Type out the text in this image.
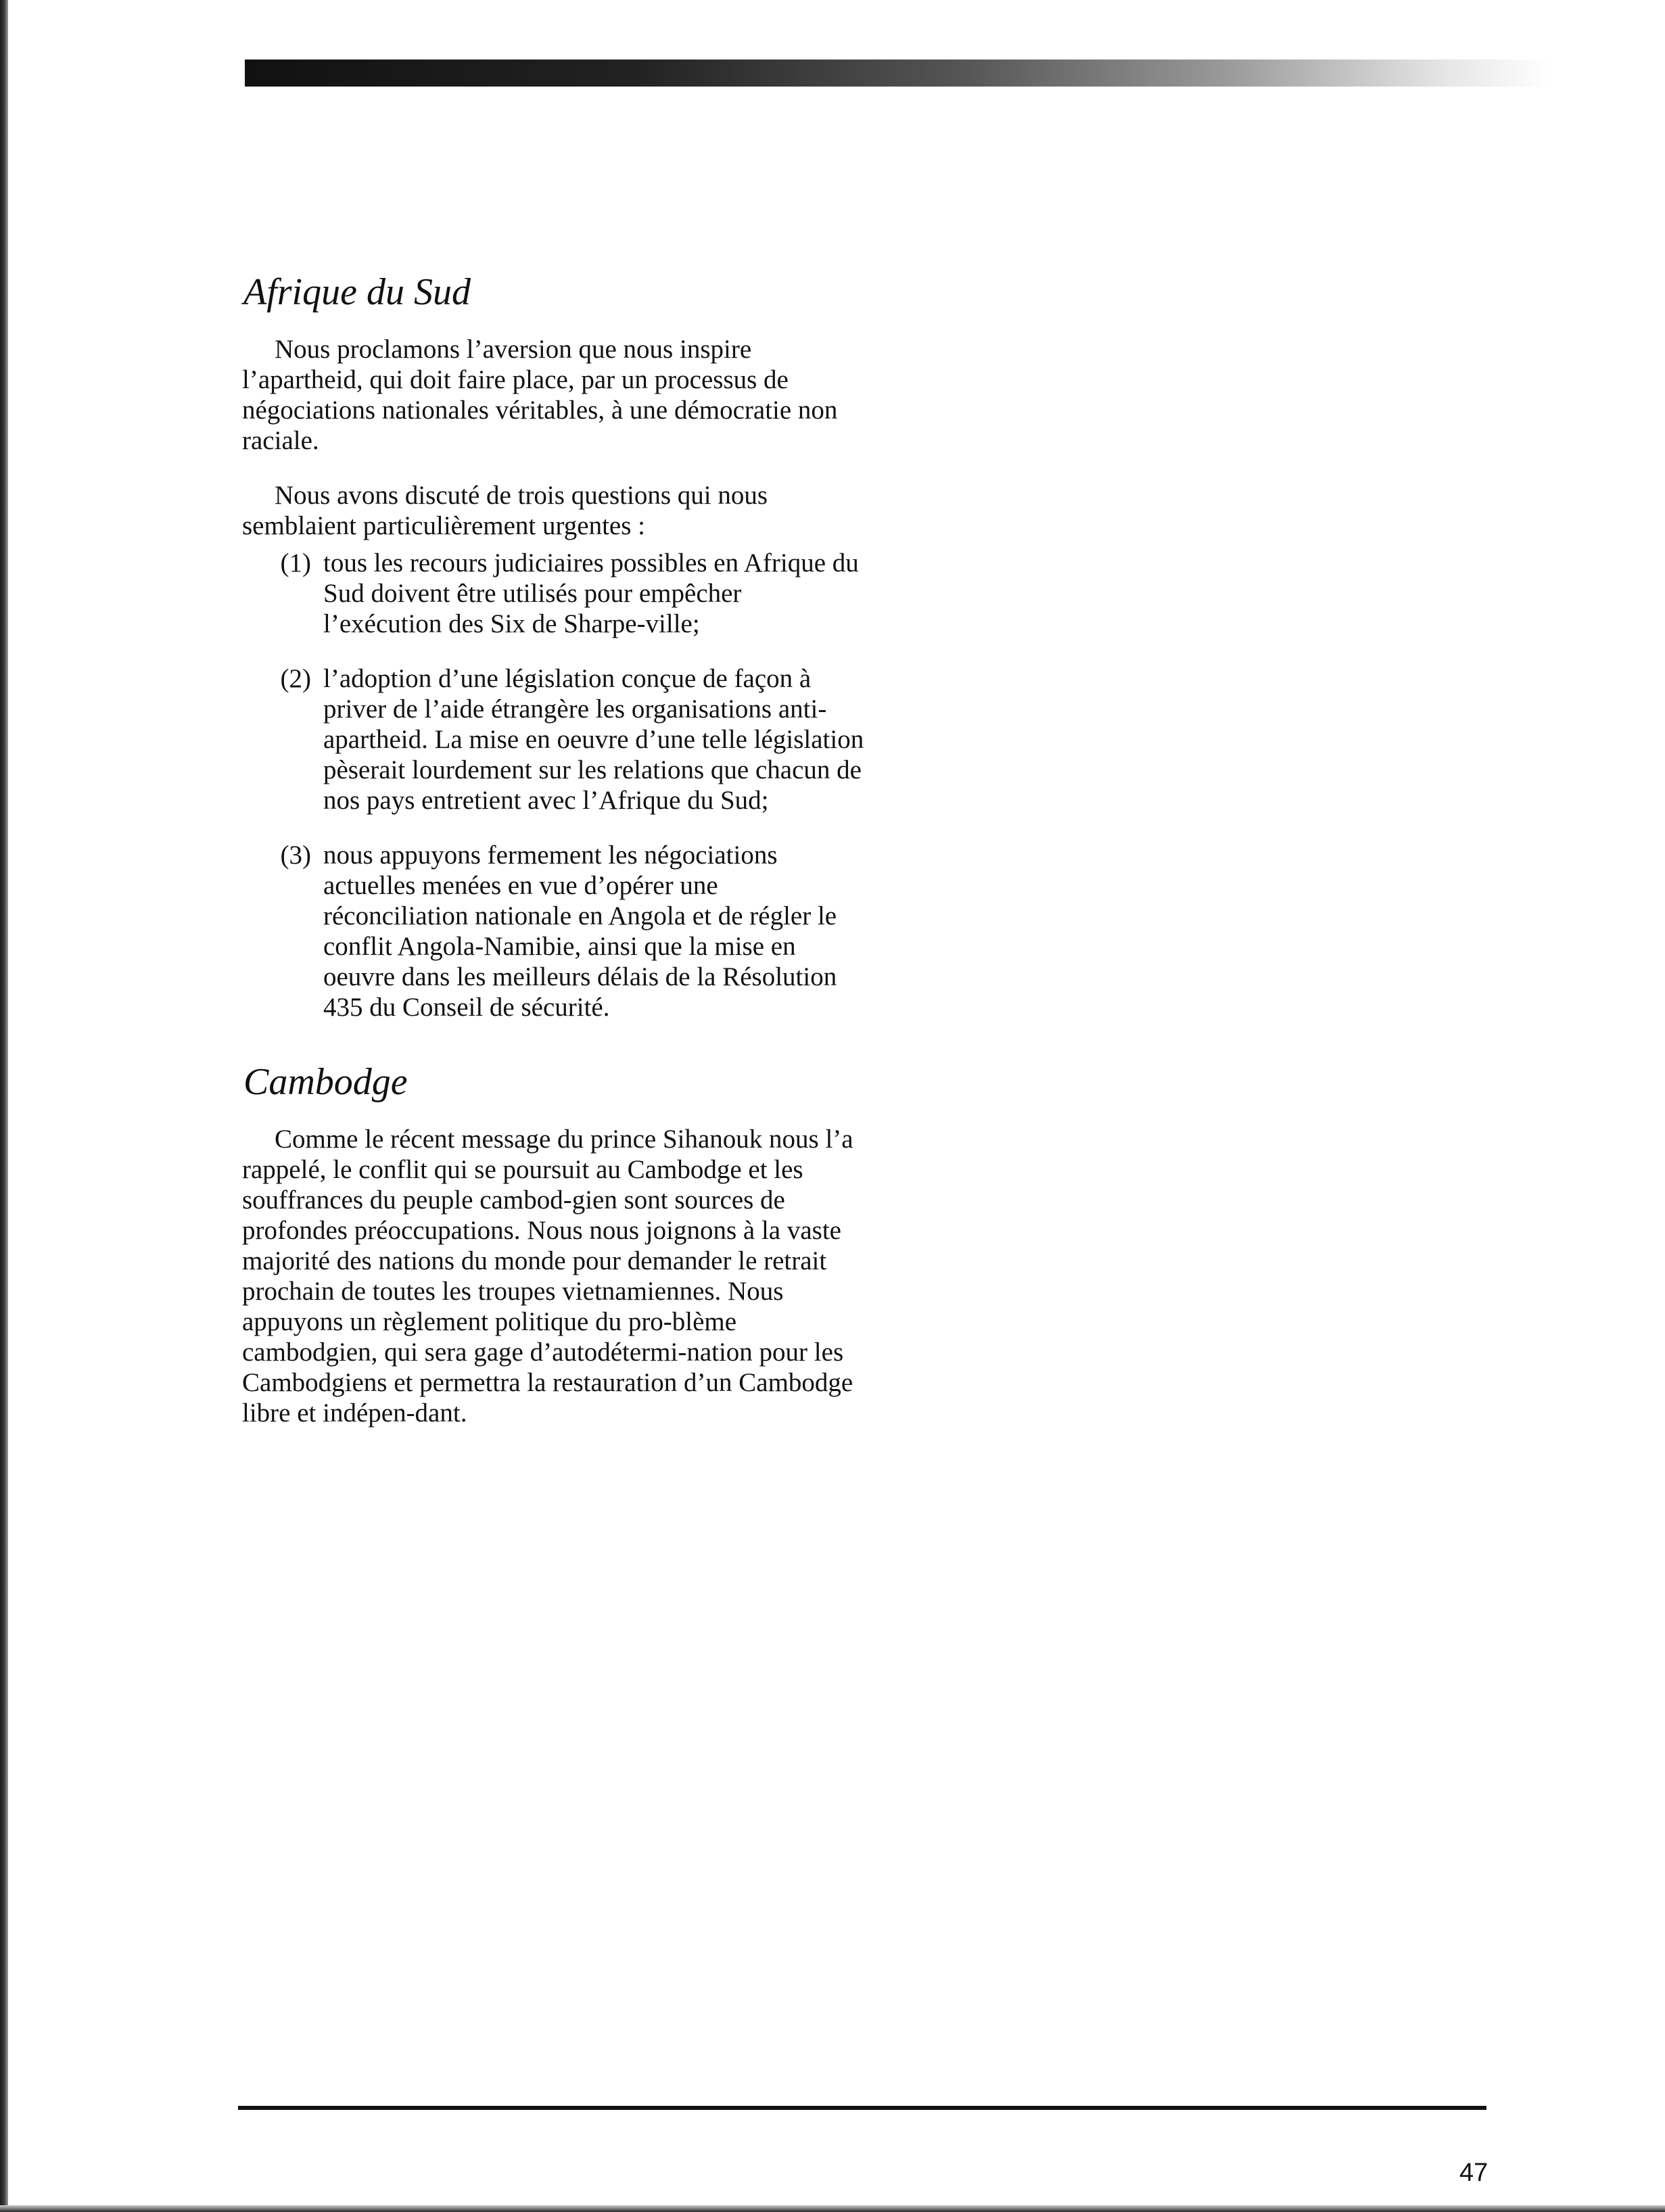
Afrique du Sud

Nous proclamons l’aversion que nous inspire l’apartheid, qui doit faire place, par un processus de négociations nationales véritables, à une démocratie non raciale.

Nous avons discuté de trois questions qui nous semblaient particulièrement urgentes :

(1) tous les recours judiciaires possibles en Afrique du Sud doivent être utilisés pour empêcher l’exécution des Six de Sharpe-ville;
(2) l’adoption d’une législation conçue de façon à priver de l’aide étrangère les organisations anti-apartheid. La mise en oeuvre d’une telle législation pèserait lourdement sur les relations que chacun de nos pays entretient avec l’Afrique du Sud;
(3) nous appuyons fermement les négociations actuelles menées en vue d’opérer une réconciliation nationale en Angola et de régler le conflit Angola-Namibie, ainsi que la mise en oeuvre dans les meilleurs délais de la Résolution 435 du Conseil de sécurité.
Cambodge

Comme le récent message du prince Sihanouk nous l’a rappelé, le conflit qui se poursuit au Cambodge et les souffrances du peuple cambod-gien sont sources de profondes préoccupations. Nous nous joignons à la vaste majorité des nations du monde pour demander le retrait prochain de toutes les troupes vietnamiennes. Nous appuyons un règlement politique du pro-blème cambodgien, qui sera gage d’autodétermi-nation pour les Cambodgiens et permettra la restauration d’un Cambodge libre et indépen-dant.

47
